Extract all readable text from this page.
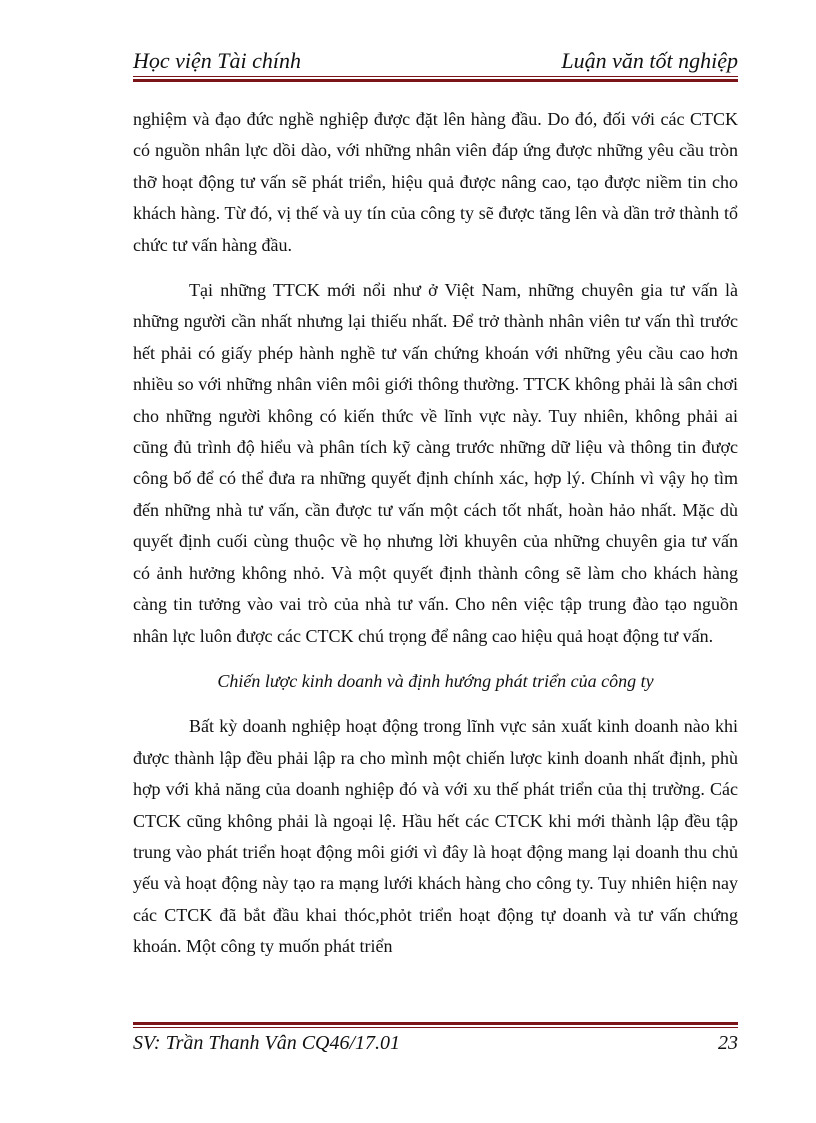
Học viện Tài chính	Luận văn tốt nghiệp

nghiệm và đạo đức nghề nghiệp được đặt lên hàng đầu. Do đó, đối với các CTCK có nguồn nhân lực dồi dào, với những nhân viên đáp ứng được những yêu cầu tròn thỡ hoạt động tư vấn sẽ phát triển, hiệu quả được nâng cao, tạo được niềm tin cho khách hàng. Từ đó, vị thế và uy tín của công ty sẽ được tăng lên và dần trở thành tổ chức tư vấn hàng đầu.

Tại những TTCK mới nổi như ở Việt Nam, những chuyên gia tư vấn là những người cần nhất nhưng lại thiếu nhất. Để trở thành nhân viên tư vấn thì trước hết phải có giấy phép hành nghề tư vấn chứng khoán với những yêu cầu cao hơn nhiều so với những nhân viên môi giới thông thường. TTCK không phải là sân chơi cho những người không có kiến thức về lĩnh vực này. Tuy nhiên, không phải ai cũng đủ trình độ hiểu và phân tích kỹ càng trước những dữ liệu và thông tin được công bố để có thể đưa ra những quyết định chính xác, hợp lý. Chính vì vậy họ tìm đến những nhà tư vấn, cần được tư vấn một cách tốt nhất, hoàn hảo nhất. Mặc dù quyết định cuối cùng thuộc về họ nhưng lời khuyên của những chuyên gia tư vấn có ảnh hưởng không nhỏ. Và một quyết định thành công sẽ làm cho khách hàng càng tin tưởng vào vai trò của nhà tư vấn. Cho nên việc tập trung đào tạo nguồn nhân lực luôn được các CTCK chú trọng để nâng cao hiệu quả hoạt động tư vấn.

Chiến lược kinh doanh và định hướng phát triển của công ty

Bất kỳ doanh nghiệp hoạt động trong lĩnh vực sản xuất kinh doanh nào khi được thành lập đều phải lập ra cho mình một chiến lược kinh doanh nhất định, phù hợp với khả năng của doanh nghiệp đó và với xu thế phát triển của thị trường. Các CTCK cũng không phải là ngoại lệ. Hầu hết các CTCK khi mới thành lập đều tập trung vào phát triển hoạt động môi giới vì đây là hoạt động mang lại doanh thu chủ yếu và hoạt động này tạo ra mạng lưới khách hàng cho công ty. Tuy nhiên hiện nay các CTCK đã bắt đầu khai thóc,phỏt triển hoạt động tự doanh và tư vấn chứng khoán. Một công ty muốn phát triển

SV: Trần Thanh Vân CQ46/17.01	23
